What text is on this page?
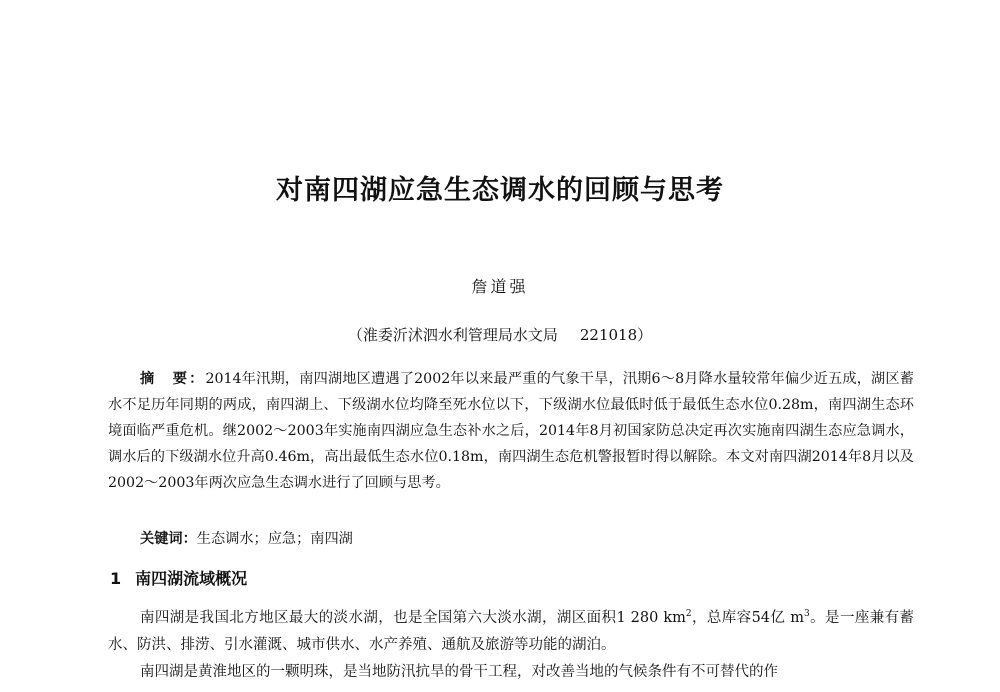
对南四湖应急生态调水的回顾与思考

詹道强

（淮委沂沭泗水利管理局水文局 221018）

摘　要：2014年汛期，南四湖地区遭遇了2002年以来最严重的气象干旱，汛期6～8月降水量较常年偏少近五成，湖区蓄水不足历年同期的两成，南四湖上、下级湖水位均降至死水位以下，下级湖水位最低时低于最低生态水位0.28m，南四湖生态环境面临严重危机。继2002～2003年实施南四湖应急生态补水之后，2014年8月初国家防总决定再次实施南四湖生态应急调水，调水后的下级湖水位升高0.46m，高出最低生态水位0.18m，南四湖生态危机警报暂时得以解除。本文对南四湖2014年8月以及2002～2003年两次应急生态调水进行了回顾与思考。

关键词：生态调水；应急；南四湖

1 南四湖流域概况

南四湖是我国北方地区最大的淡水湖，也是全国第六大淡水湖，湖区面积1 280 $km^2$，总库容54亿 $m^3$。是一座兼有蓄水、防洪、排涝、引水灌溉、城市供水、水产养殖、通航及旅游等功能的湖泊。

南四湖是黄淮地区的一颗明珠，是当地防汛抗旱的骨干工程，对改善当地的气候条件有不可替代的作
